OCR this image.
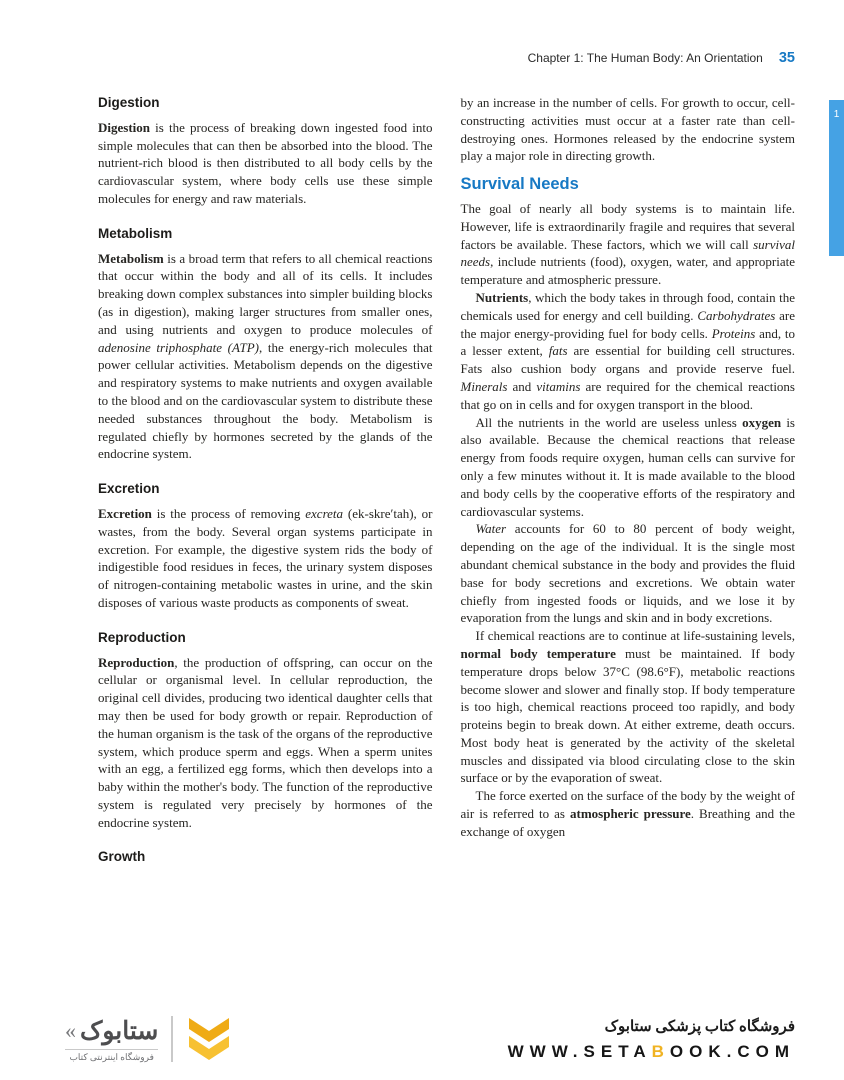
Chapter 1: The Human Body: An Orientation 35
1
Digestion

Digestion is the process of breaking down ingested food into simple molecules that can then be absorbed into the blood. The nutrient-rich blood is then distributed to all body cells by the cardiovascular system, where body cells use these simple molecules for energy and raw materials.

Metabolism

Metabolism is a broad term that refers to all chemical reactions that occur within the body and all of its cells. It includes breaking down complex substances into simpler building blocks (as in digestion), making larger structures from smaller ones, and using nutrients and oxygen to produce molecules of adenosine triphosphate (ATP), the energy-rich molecules that power cellular activities. Metabolism depends on the digestive and respiratory systems to make nutrients and oxygen available to the blood and on the cardiovascular system to distribute these needed substances throughout the body. Metabolism is regulated chiefly by hormones secreted by the glands of the endocrine system.

Excretion

Excretion is the process of removing excreta (ek-skre′tah), or wastes, from the body. Several organ systems participate in excretion. For example, the digestive system rids the body of indigestible food residues in feces, the urinary system disposes of nitrogen-containing metabolic wastes in urine, and the skin disposes of various waste products as components of sweat.

Reproduction

Reproduction, the production of offspring, can occur on the cellular or organismal level. In cellular reproduction, the original cell divides, producing two identical daughter cells that may then be used for body growth or repair. Reproduction of the human organism is the task of the organs of the reproductive system, which produce sperm and eggs. When a sperm unites with an egg, a fertilized egg forms, which then develops into a baby within the mother's body. The function of the reproductive system is regulated very precisely by hormones of the endocrine system.

Growth

by an increase in the number of cells. For growth to occur, cell-constructing activities must occur at a faster rate than cell-destroying ones. Hormones released by the endocrine system play a major role in directing growth.

Survival Needs

The goal of nearly all body systems is to maintain life. However, life is extraordinarily fragile and requires that several factors be available. These factors, which we will call survival needs, include nutrients (food), oxygen, water, and appropriate temperature and atmospheric pressure.

Nutrients, which the body takes in through food, contain the chemicals used for energy and cell building. Carbohydrates are the major energy-providing fuel for body cells. Proteins and, to a lesser extent, fats are essential for building cell structures. Fats also cushion body organs and provide reserve fuel. Minerals and vitamins are required for the chemical reactions that go on in cells and for oxygen transport in the blood.

All the nutrients in the world are useless unless oxygen is also available. Because the chemical reactions that release energy from foods require oxygen, human cells can survive for only a few minutes without it. It is made available to the blood and body cells by the cooperative efforts of the respiratory and cardiovascular systems.

Water accounts for 60 to 80 percent of body weight, depending on the age of the individual. It is the single most abundant chemical substance in the body and provides the fluid base for body secretions and excretions. We obtain water chiefly from ingested foods or liquids, and we lose it by evaporation from the lungs and skin and in body excretions.

If chemical reactions are to continue at life-sustaining levels, normal body temperature must be maintained. If body temperature drops below 37°C (98.6°F), metabolic reactions become slower and slower and finally stop. If body temperature is too high, chemical reactions proceed too rapidly, and body proteins begin to break down. At either extreme, death occurs. Most body heat is generated by the activity of the skeletal muscles and dissipated via blood circulating close to the skin surface or by the evaporation of sweat.

The force exerted on the surface of the body by the weight of air is referred to as atmospheric pressure. Breathing and the exchange of oxygen

« ستابوک
فروشگاه اینترنتی کتاب
فروشگاه کتاب پزشکی ستابوک
WWW.SETABOOK.COM
